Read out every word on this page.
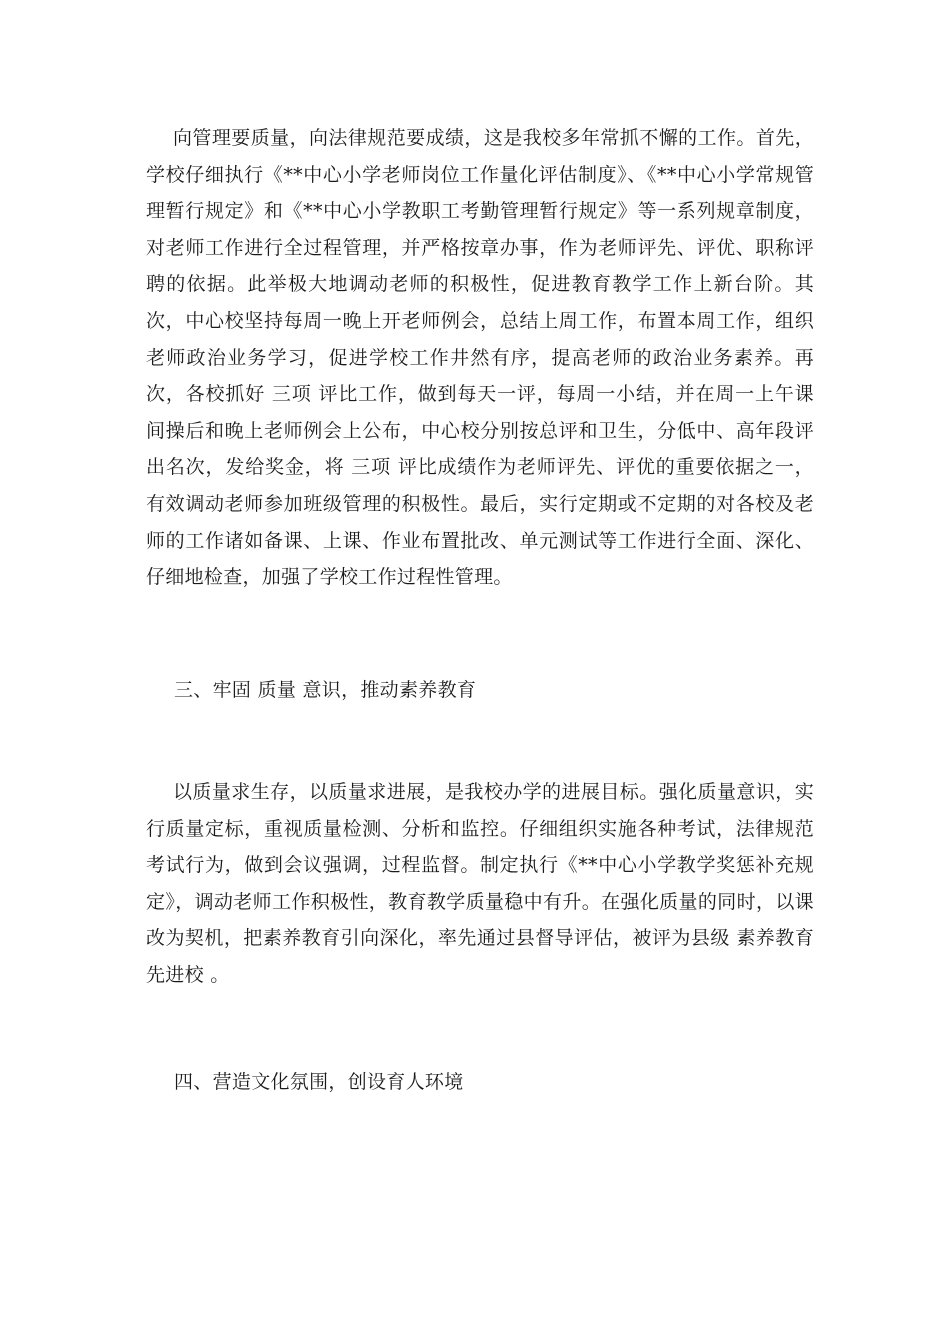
向管理要质量，向法律规范要成绩，这是我校多年常抓不懈的工作。首先，学校仔细执行《**中心小学老师岗位工作量化评估制度》、《**中心小学常规管理暂行规定》和《**中心小学教职工考勤管理暂行规定》等一系列规章制度，对老师工作进行全过程管理，并严格按章办事，作为老师评先、评优、职称评聘的依据。此举极大地调动老师的积极性，促进教育教学工作上新台阶。其次，中心校坚持每周一晚上开老师例会，总结上周工作，布置本周工作，组织老师政治业务学习，促进学校工作井然有序，提高老师的政治业务素养。再次，各校抓好 三项 评比工作，做到每天一评，每周一小结，并在周一上午课间操后和晚上老师例会上公布，中心校分别按总评和卫生，分低中、高年段评出名次，发给奖金，将 三项 评比成绩作为老师评先、评优的重要依据之一，有效调动老师参加班级管理的积极性。最后，实行定期或不定期的对各校及老师的工作诸如备课、上课、作业布置批改、单元测试等工作进行全面、深化、仔细地检查，加强了学校工作过程性管理。

三、牢固 质量 意识，推动素养教育

以质量求生存，以质量求进展，是我校办学的进展目标。强化质量意识，实行质量定标，重视质量检测、分析和监控。仔细组织实施各种考试，法律规范考试行为，做到会议强调，过程监督。制定执行《**中心小学教学奖惩补充规定》，调动老师工作积极性，教育教学质量稳中有升。在强化质量的同时，以课改为契机，把素养教育引向深化，率先通过县督导评估，被评为县级 素养教育先进校 。

四、营造文化氛围，创设育人环境
